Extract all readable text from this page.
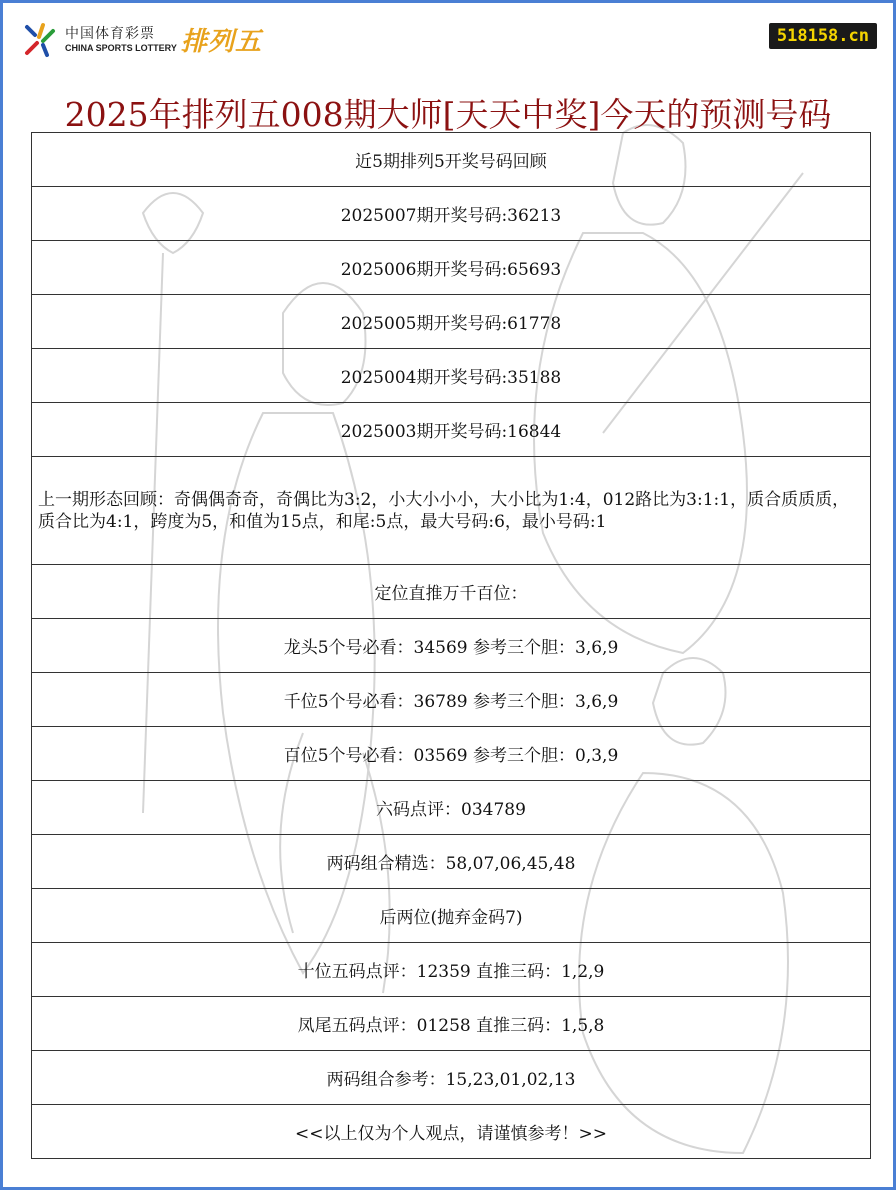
中国体育彩票
CHINA SPORTS LOTTERY 排列五	518158.cn
2025年排列五008期大师[天天中奖]今天的预测号码
近5期排列5开奖号码回顾
2025007期开奖号码:36213
2025006期开奖号码:65693
2025005期开奖号码:61778
2025004期开奖号码:35188
2025003期开奖号码:16844
上一期形态回顾：奇偶偶奇奇，奇偶比为3:2，小大小小小，大小比为1:4，012路比为3:1:1，质合质质质，质合比为4:1，跨度为5，和值为15点，和尾:5点，最大号码:6，最小号码:1
定位直推万千百位：
龙头5个号必看：34569 参考三个胆：3,6,9
千位5个号必看：36789 参考三个胆：3,6,9
百位5个号必看：03569 参考三个胆：0,3,9
六码点评：034789
两码组合精选：58,07,06,45,48
后两位(抛弃金码7)
十位五码点评：12359 直推三码：1,2,9
凤尾五码点评：01258 直推三码：1,5,8
两码组合参考：15,23,01,02,13
<<以上仅为个人观点，请谨慎参考！>>
